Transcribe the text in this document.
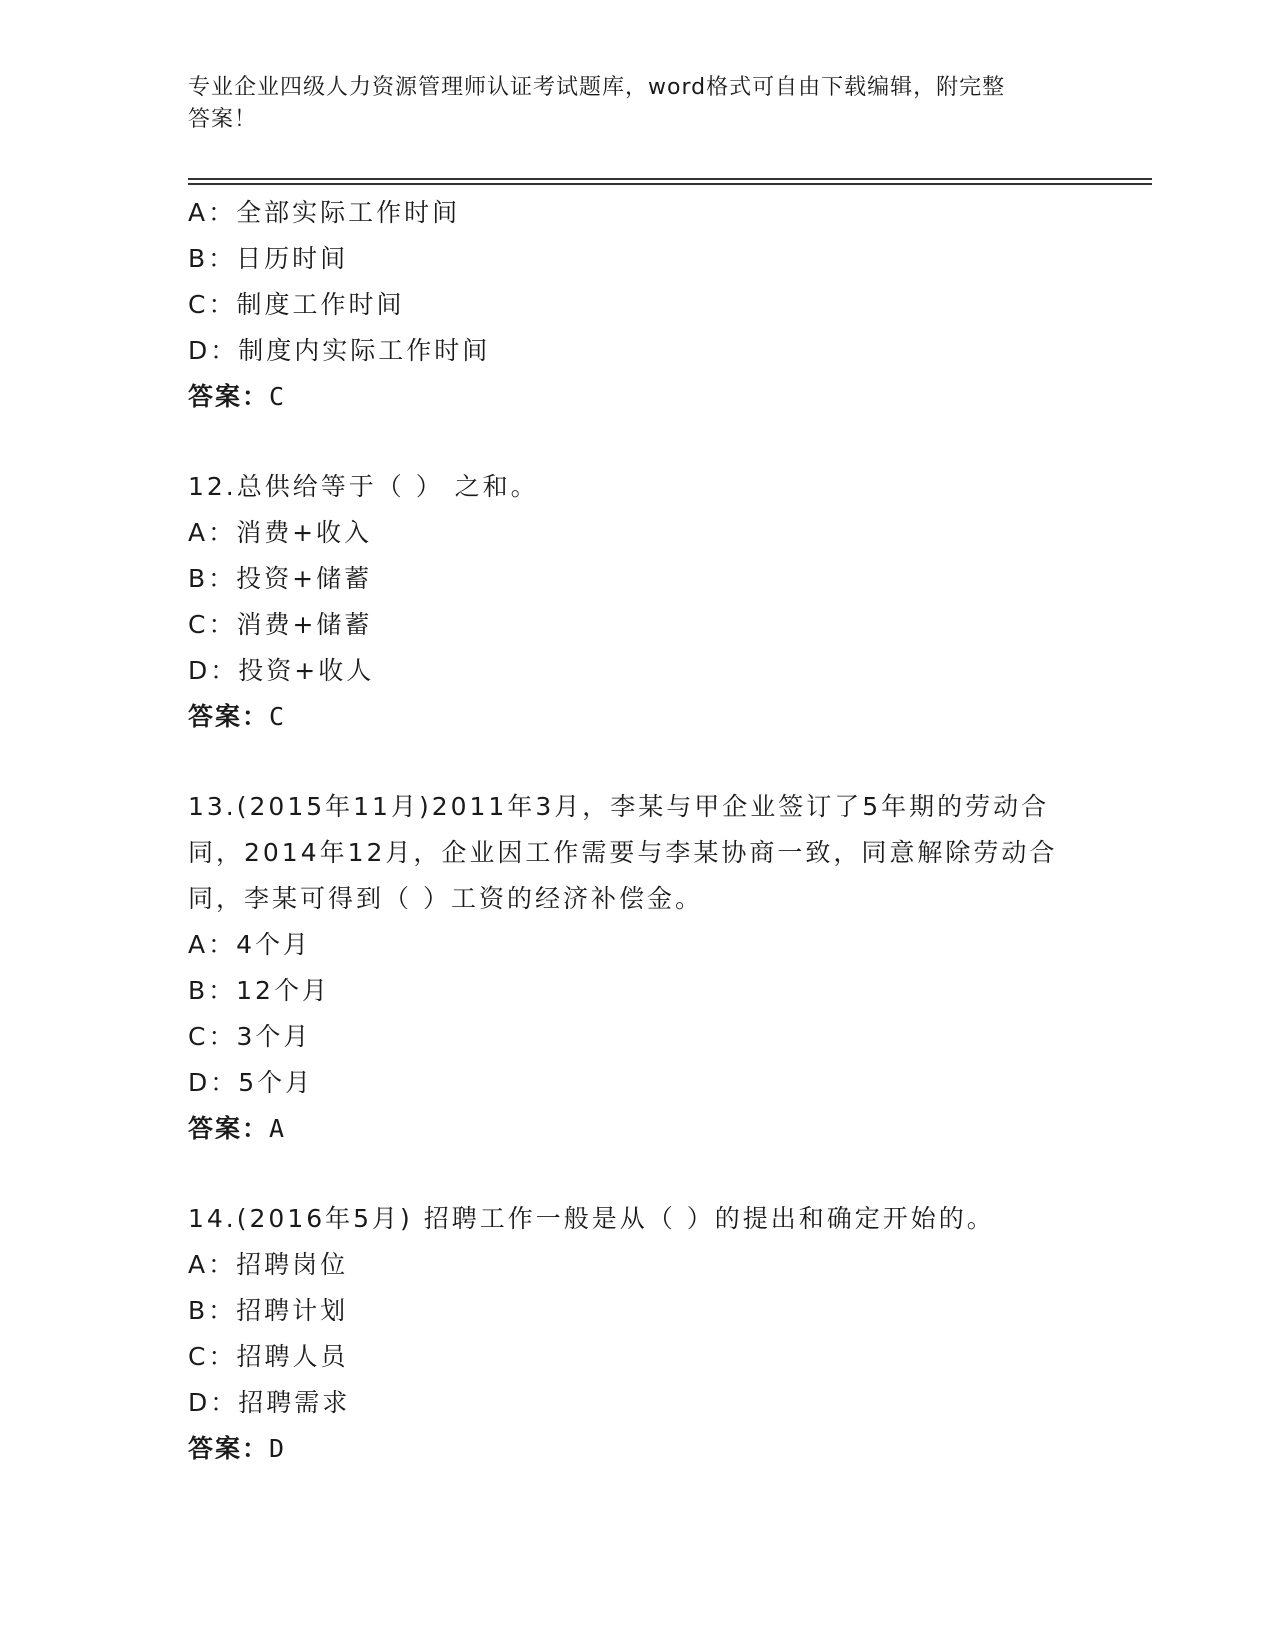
专业企业四级人力资源管理师认证考试题库，word格式可自由下载编辑，附完整
答案！
A：全部实际工作时间
B：日历时间
C：制度工作时间
D：制度内实际工作时间
答案：C
12.总供给等于（ ） 之和。
A：消费+收入
B：投资+储蓄
C：消费+储蓄
D：投资+收人
答案：C
13.(2015年11月)2011年3月，李某与甲企业签订了5年期的劳动合
同，2014年12月，企业因工作需要与李某协商一致，同意解除劳动合
同，李某可得到（ ）工资的经济补偿金。
A：4个月
B：12个月
C：3个月
D：5个月
答案：A
14.(2016年5月) 招聘工作一般是从（ ）的提出和确定开始的。
A：招聘岗位
B：招聘计划
C：招聘人员
D：招聘需求
答案：D
